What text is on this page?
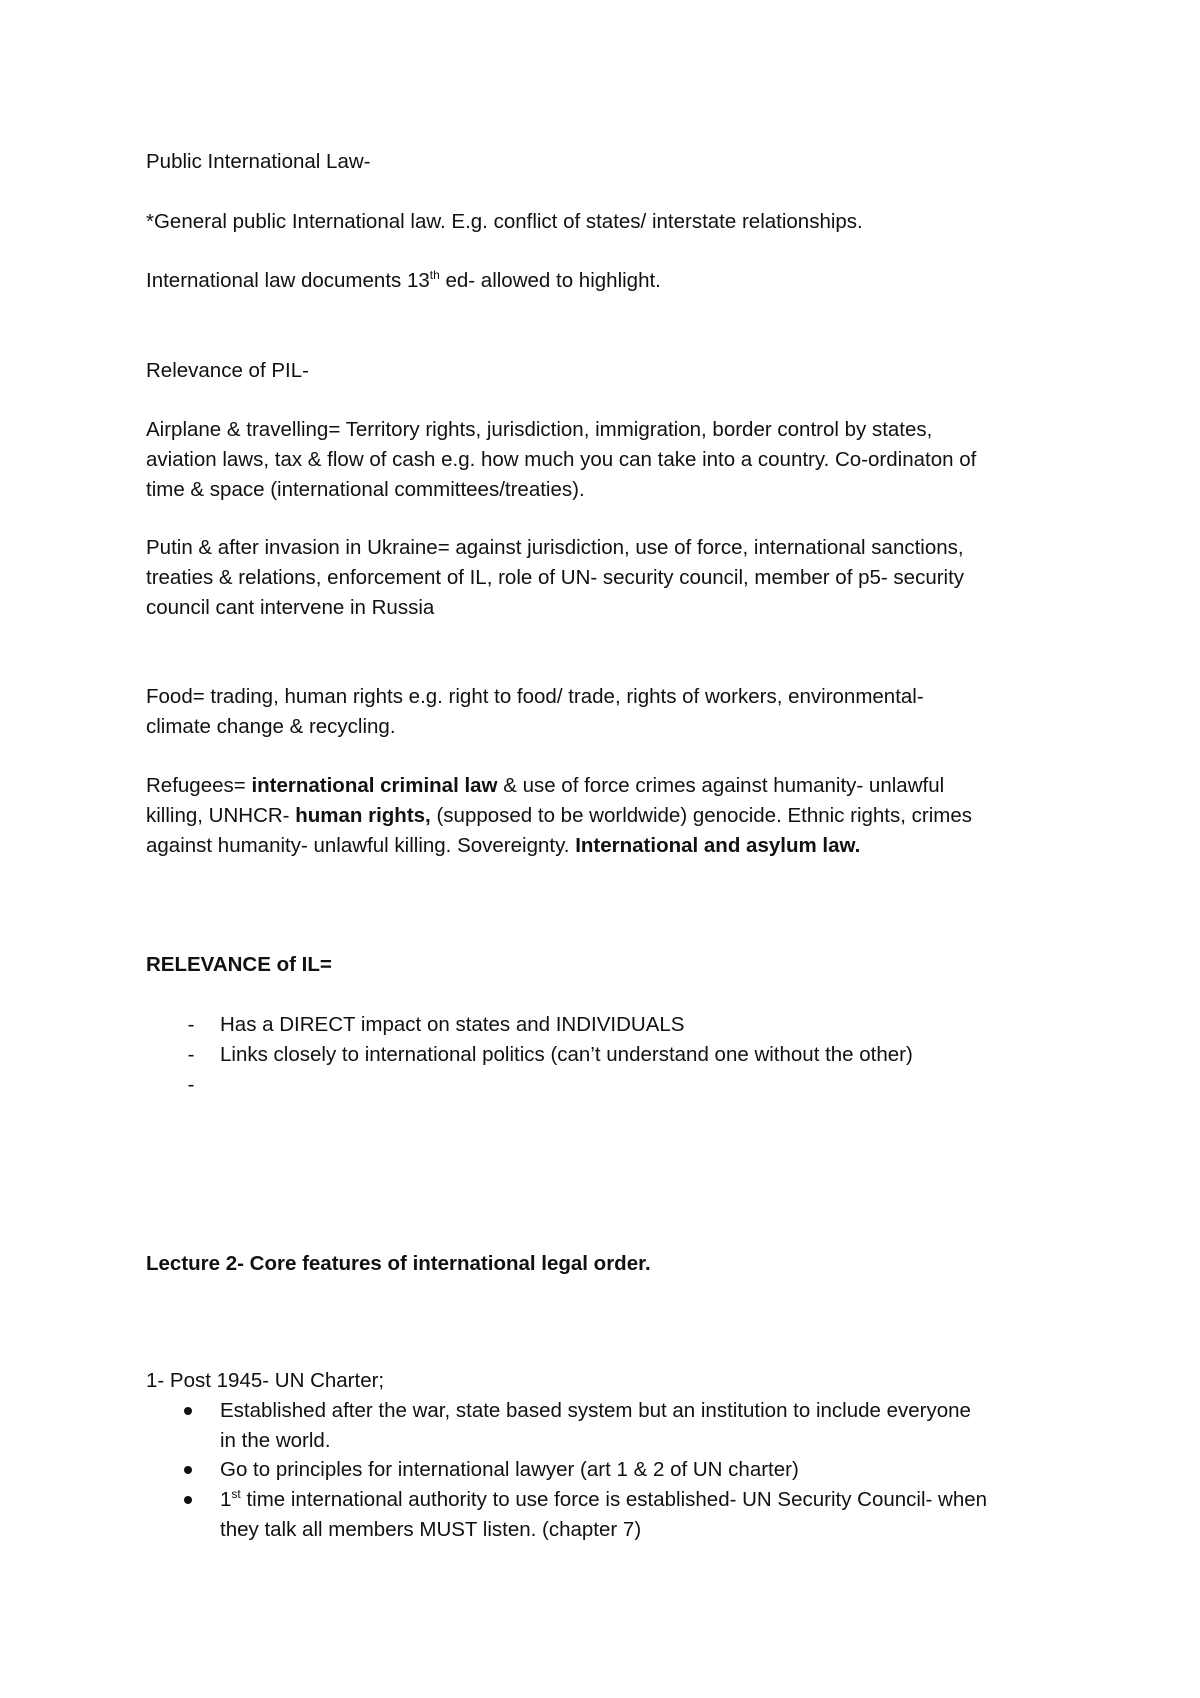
Public International Law-
*General public International law. E.g. conflict of states/ interstate relationships.
International law documents 13th ed- allowed to highlight.
Relevance of PIL-
Airplane & travelling= Territory rights, jurisdiction, immigration, border control by states,
aviation laws, tax & flow of cash e.g. how much you can take into a country. Co-ordinaton of
time & space (international committees/treaties).
Putin & after invasion in Ukraine= against jurisdiction, use of force, international sanctions,
treaties & relations, enforcement of IL, role of UN- security council, member of p5- security
council cant intervene in Russia
Food= trading, human rights e.g. right to food/ trade, rights of workers, environmental-
climate change & recycling.
Refugees= international criminal law & use of force crimes against humanity- unlawful
killing, UNHCR- human rights, (supposed to be worldwide) genocide. Ethnic rights, crimes
against humanity- unlawful killing. Sovereignty. International and asylum law.
RELEVANCE of IL=
- Has a DIRECT impact on states and INDIVIDUALS
- Links closely to international politics (can’t understand one without the other)
-
Lecture 2- Core features of international legal order.
1- Post 1945- UN Charter;
Established after the war, state based system but an institution to include everyone
in the world.
Go to principles for international lawyer (art 1 & 2 of UN charter)
1st time international authority to use force is established- UN Security Council- when
they talk all members MUST listen. (chapter 7)
